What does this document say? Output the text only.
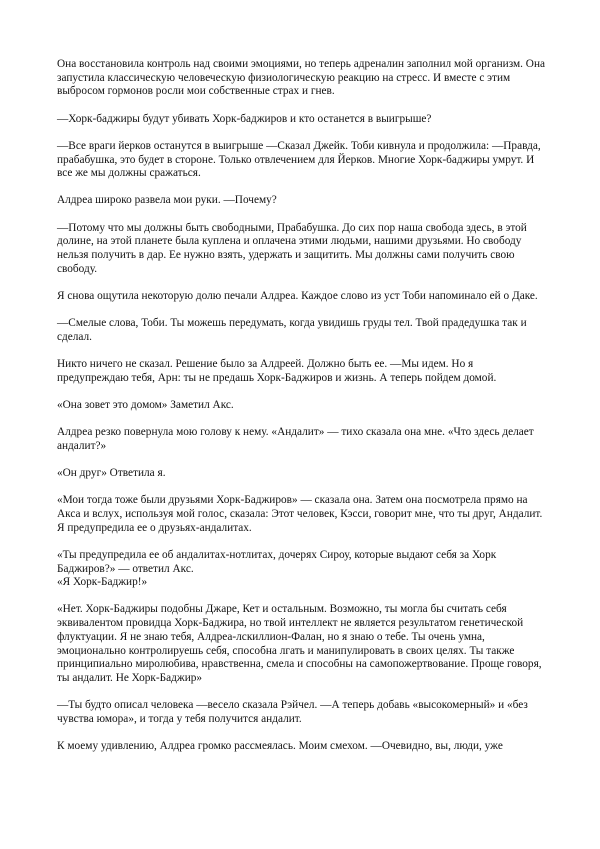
Она восстановила контроль над своими эмоциями, но теперь адреналин заполнил мой организм. Она запустила классическую человеческую физиологическую реакцию на стресс. И вместе с этим выбросом гормонов росли мои собственные страх и гнев.

—Хорк-баджиры будут убивать Хорк-баджиров и кто останется в выигрыше?

—Все враги йерков останутся в выигрыше —Сказал Джейк. Тоби кивнула и продолжила: —Правда, прабабушка, это будет в стороне. Только отвлечением для Йерков. Многие Хорк-баджиры умрут. И все же мы должны сражаться.

Алдреа широко развела мои руки. —Почему?

—Потому что мы должны быть свободными, Прабабушка. До сих пор наша свобода здесь, в этой долине, на этой планете была куплена и оплачена этими людьми, нашими друзьями. Но свободу нельзя получить в дар. Ее нужно взять, удержать и защитить. Мы должны сами получить свою свободу.

Я снова ощутила некоторую долю печали Алдреа. Каждое слово из уст Тоби напоминало ей о Даке.

—Смелые слова, Тоби. Ты можешь передумать, когда увидишь груды тел. Твой прадедушка так и сделал.

Никто ничего не сказал. Решение было за Алдреей. Должно быть ее. —Мы идем. Но я предупреждаю тебя, Арн: ты не предашь Хорк-Баджиров и жизнь. А теперь пойдем домой.

«Она зовет это домом» Заметил Акс.

Алдреа резко повернула мою голову к нему. «Андалит» — тихо сказала она мне. «Что здесь делает андалит?»

«Он друг» Ответила я.

«Мои тогда тоже были друзьями Хорк-Баджиров» — сказала она. Затем она посмотрела прямо на Акса и вслух, используя мой голос, сказала: Этот человек, Кэсси, говорит мне, что ты друг, Андалит. Я предупредила ее о друзьях-андалитах.

«Ты предупредила ее об андалитах-нотлитах, дочерях Сироу, которые выдают себя за Хорк Баджиров?» — ответил Акс.

«Я Хорк-Баджир!»

«Нет. Хорк-Баджиры подобны Джаре, Кет и остальным. Возможно, ты могла бы считать себя эквивалентом провидца Хорк-Баджира, но твой интеллект не является результатом генетической флуктуации. Я не знаю тебя, Алдреа-лскиллион-Фалан, но я знаю о тебе. Ты очень умна, эмоционально контролируешь себя, способна лгать и манипулировать в своих целях. Ты также принципиально миролюбива, нравственна, смела и способны на самопожертвование. Проще говоря, ты андалит. Не Хорк-Баджир»

—Ты будто описал человека —весело сказала Рэйчел. —А теперь добавь «высокомерный» и «без чувства юмора», и тогда у тебя получится андалит.

К моему удивлению, Алдреа громко рассмеялась. Моим смехом. —Очевидно, вы, люди, уже
